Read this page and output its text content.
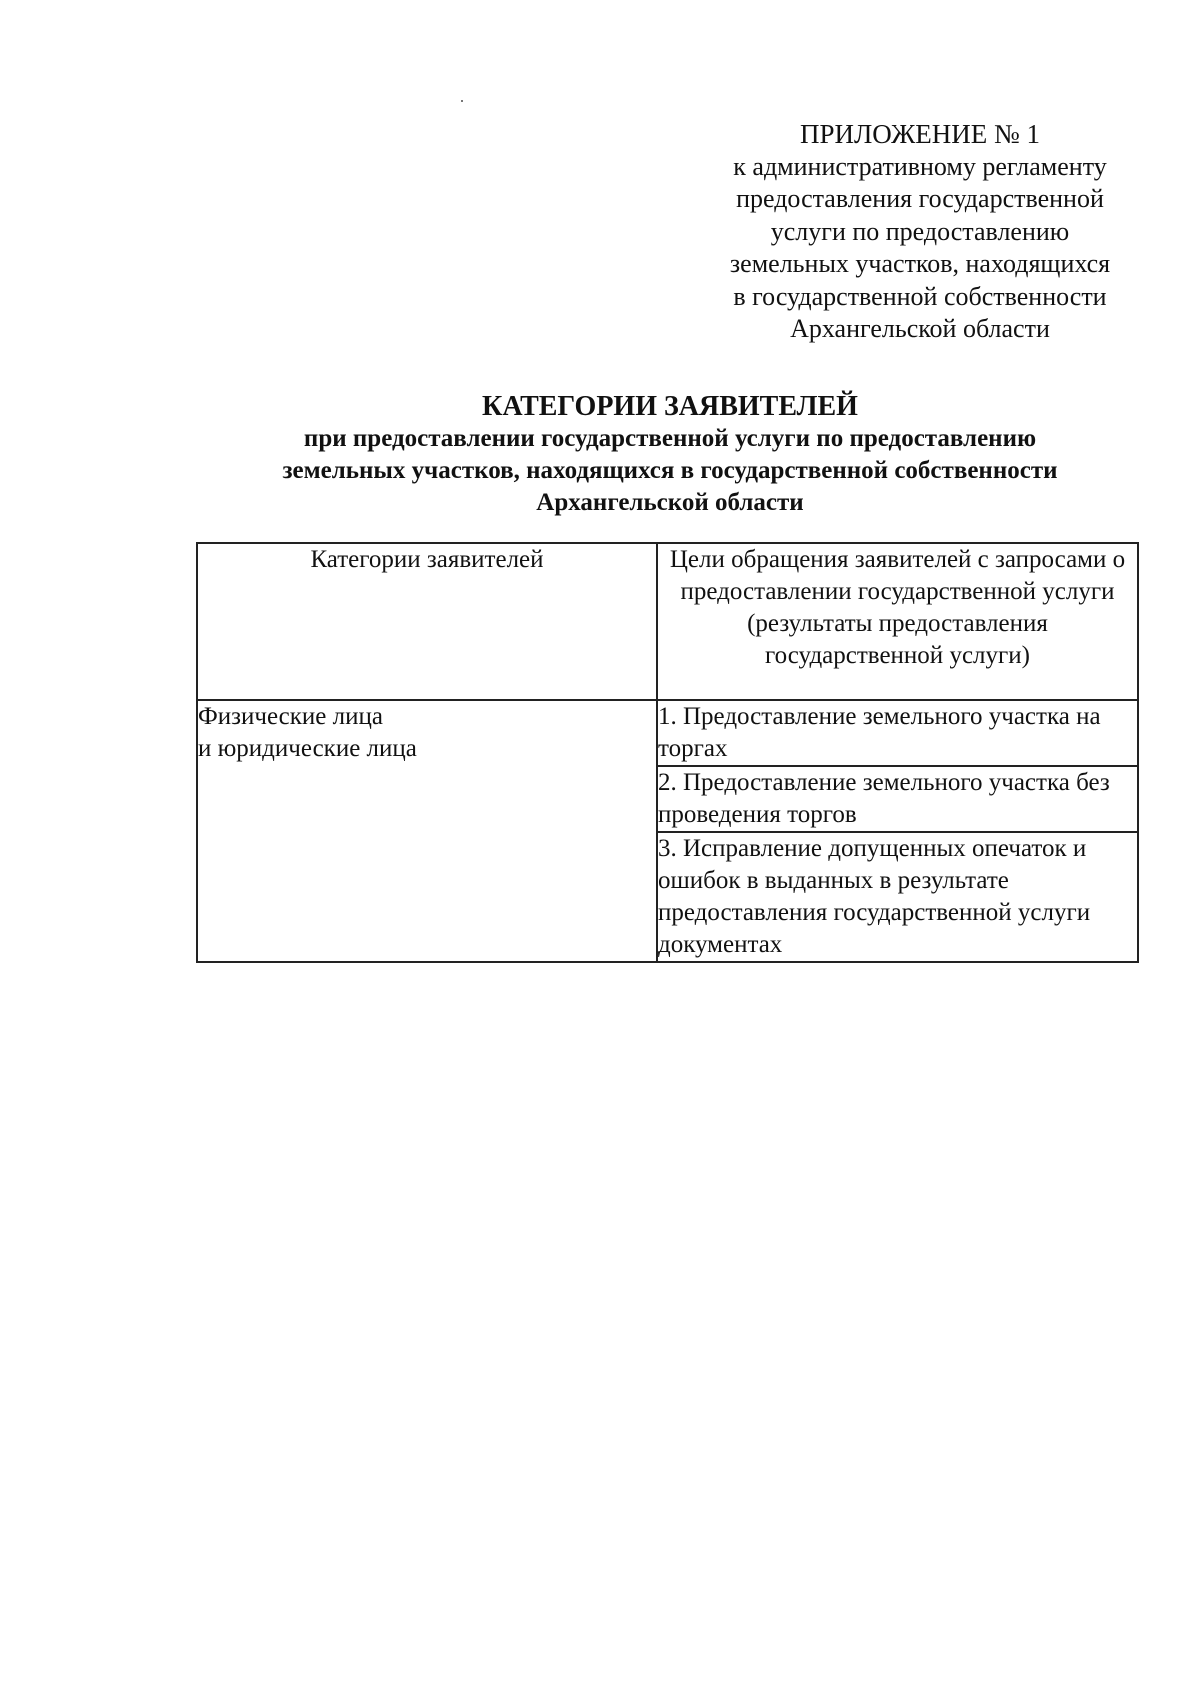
ПРИЛОЖЕНИЕ № 1
к административному регламенту
предоставления государственной
услуги по предоставлению
земельных участков, находящихся
в государственной собственности
Архангельской области
КАТЕГОРИИ ЗАЯВИТЕЛЕЙ
при предоставлении государственной услуги по предоставлению
земельных участков, находящихся в государственной собственности
Архангельской области
Категории заявителей	Цели обращения заявителей с запросами о предоставлении государственной услуги (результаты предоставления государственной услуги)

Физические лица
и юридические лица	1. Предоставление земельного участка на торгах
	2. Предоставление земельного участка без проведения торгов
	3. Исправление допущенных опечаток и ошибок в выданных в результате предоставления государственной услуги документах
